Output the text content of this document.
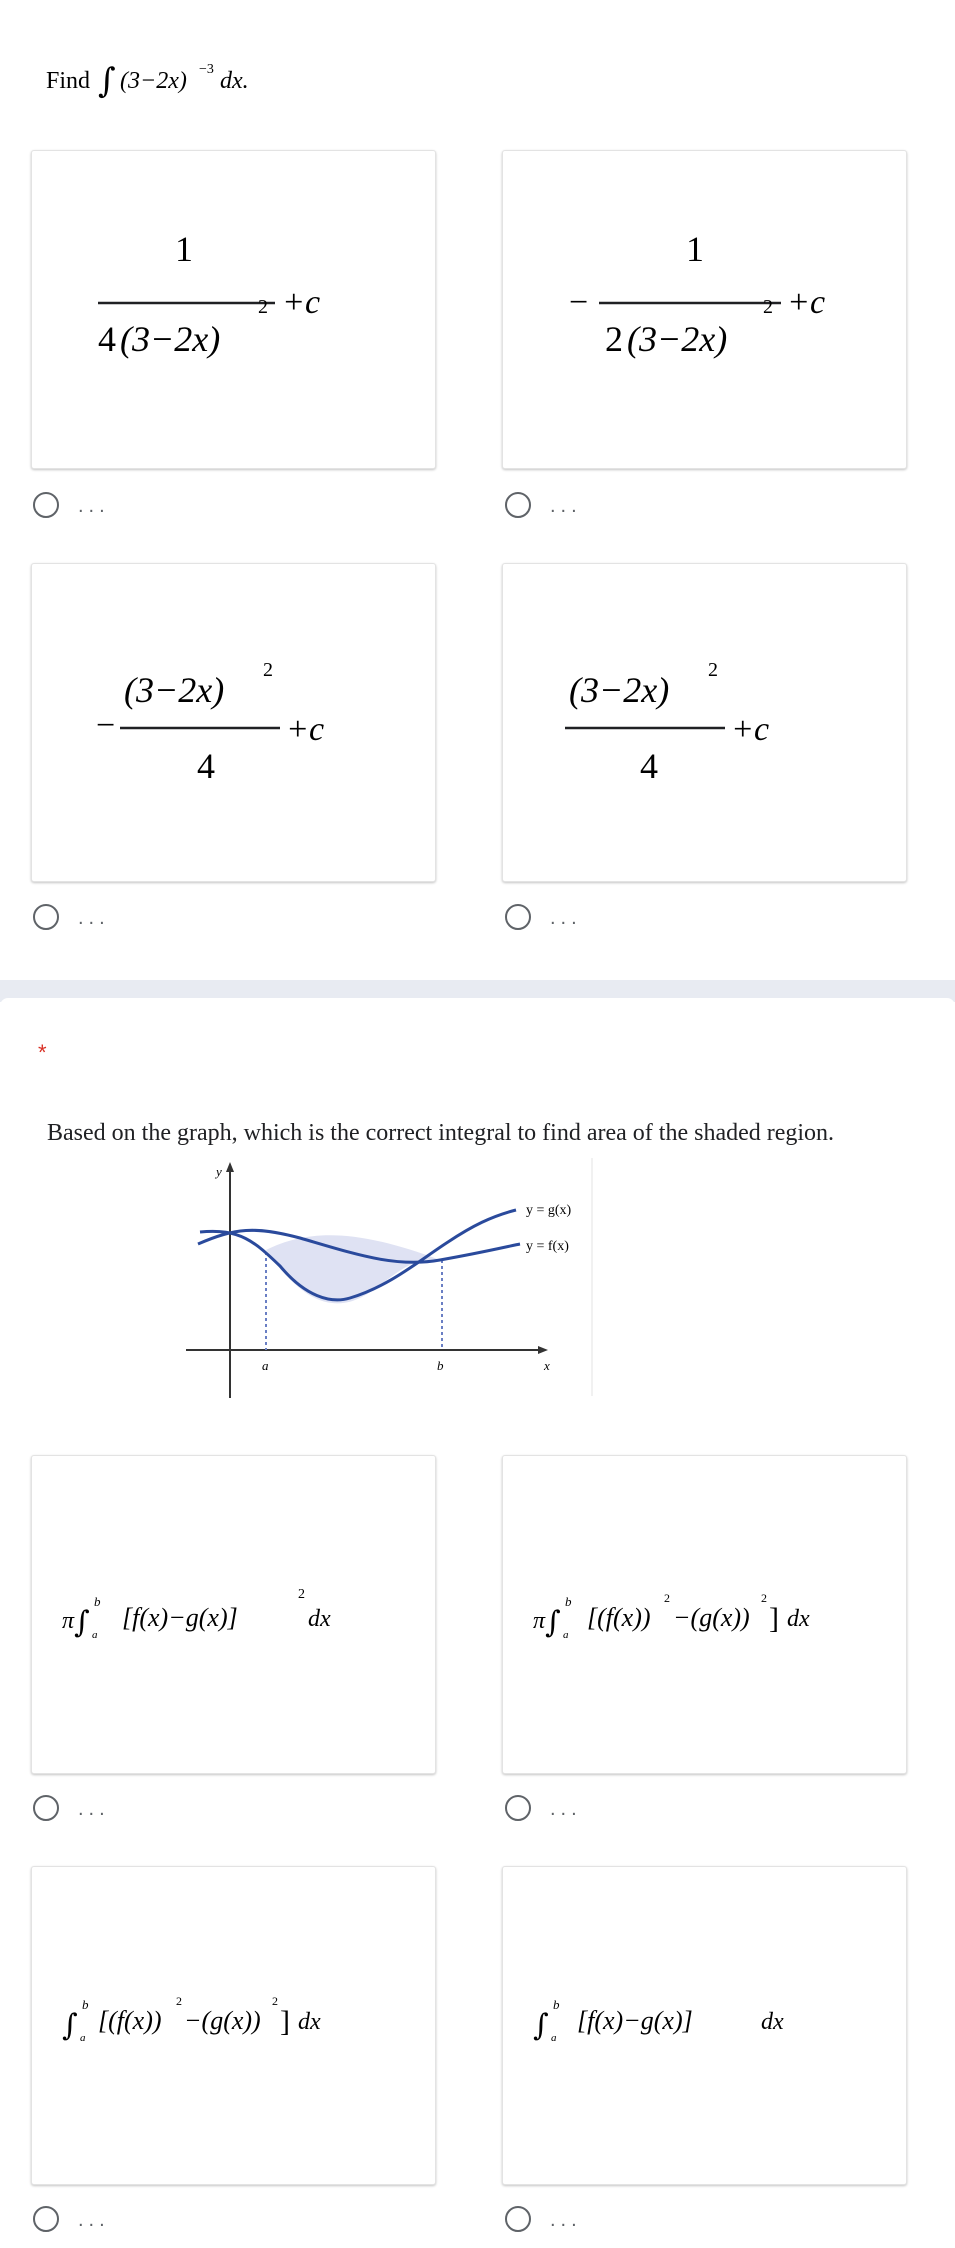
Find ∫ (3−2x) −3 dx.
1
4 (3−2x)
2 +c
...
−
1
2 (3−2x)
2 +c
...
−
(3−2x) 2
4
+c
...
(3−2x) 2
4
+c
...
*
Based on the graph, which is the correct integral to find area of the shaded region.
y
x
y = g(x)
y = f(x)
a	b
π ∫
b
a
[f(x)−g(x)]
2
dx
...
π ∫
b
a
[(f(x))
2
−(g(x))
2
] dx
...
∫
b
a
[(f(x))
2
−(g(x))
2
] dx
...
∫
b
a
[f(x)−g(x)]	dx
...
